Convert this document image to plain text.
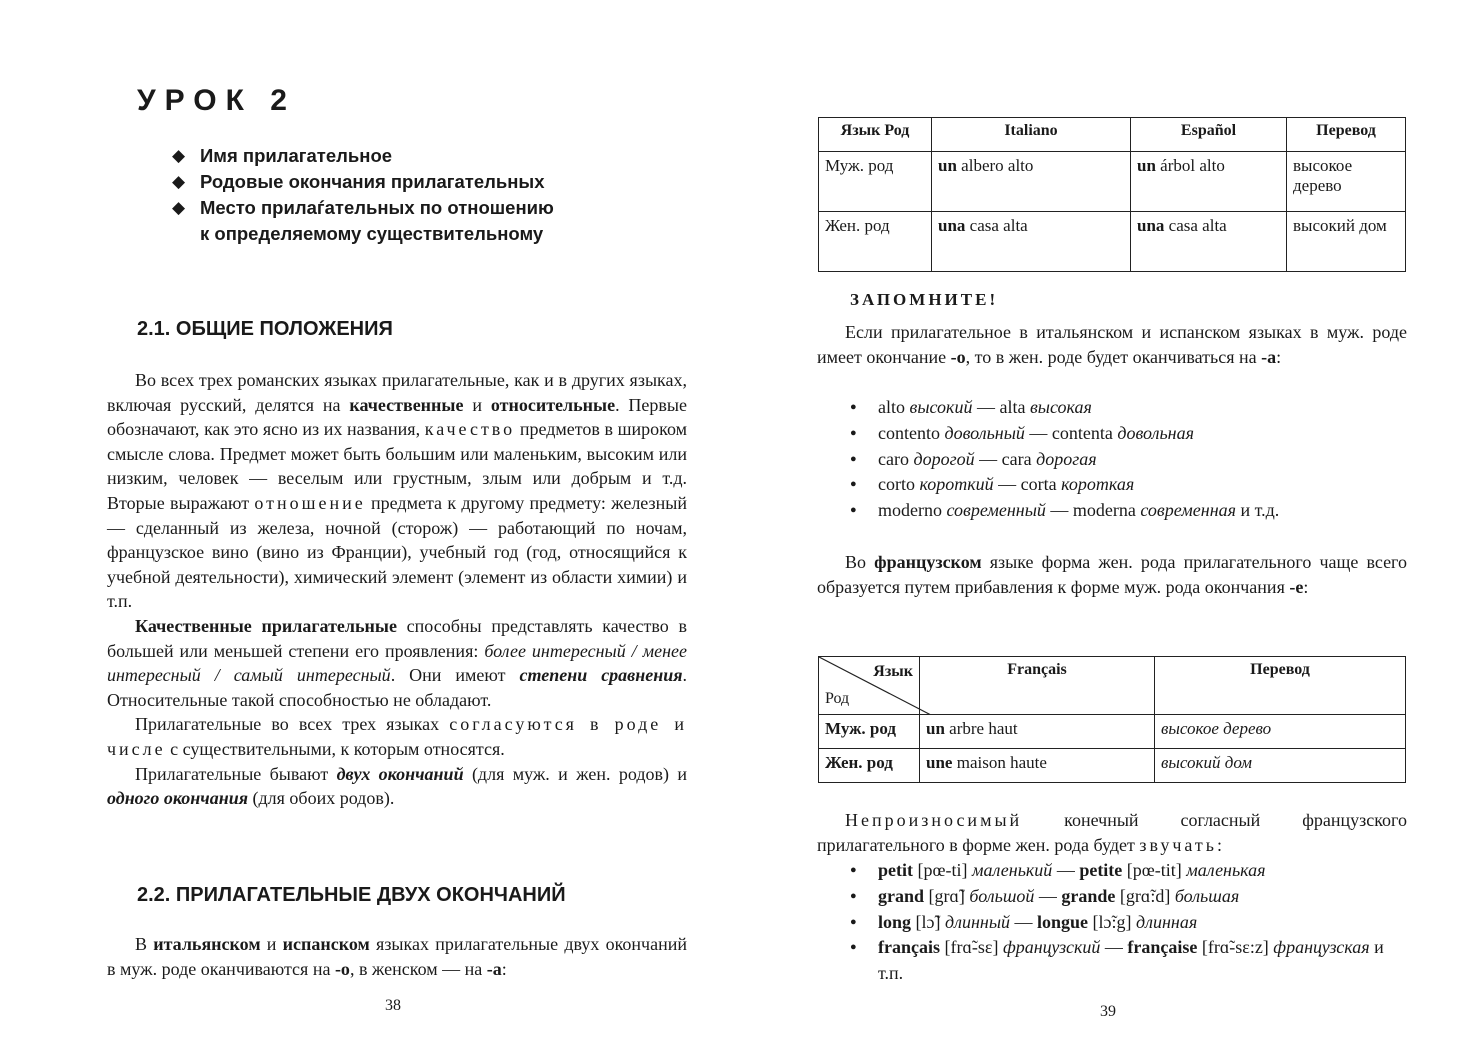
УРОК 2
◆ Имя прилагательное
◆ Родовые окончания прилагательных
◆ Место прилаѓательных по отношению
к определяемому существительному
2.1. ОБЩИЕ ПОЛОЖЕНИЯ

Во всех трех романских языках прилагательные, как и в других языках, включая русский, делятся на качественные и относительные. Первые обозначают, как это ясно из их названия, качество предметов в широком смысле слова. Предмет может быть большим или маленьким, высоким или низким, человек — веселым или грустным, злым или добрым и т.д. Вторые выражают отношение предмета к другому предмету: железный — сделанный из железа, ночной (сторож) — работающий по ночам, французское вино (вино из Франции), учебный год (год, относящийся к учебной деятельности), химический элемент (элемент из области химии) и т.п.

Качественные прилагательные способны представлять качество в большей или меньшей степени его проявления: более интересный / менее интересный / самый интересный. Они имеют степени сравнения. Относительные такой способностью не обладают.

Прилагательные во всех трех языках согласуются в роде и числе с существительными, к которым относятся.

Прилагательные бывают двух окончаний (для муж. и жен. родов) и одного окончания (для обоих родов).

2.2. ПРИЛАГАТЕЛЬНЫЕ ДВУХ ОКОНЧАНИЙ

В итальянском и испанском языках прилагательные двух окончаний в муж. роде оканчиваются на -о, в женском — на -а:

38
Язык Род	Italiano	Español	Перевод
Муж. род	un albero alto	un árbol alto	высокое дерево
Жен. род	una casa alta	una casa alta	высокий дом
ЗАПОМНИТЕ!

Если прилагательное в итальянском и испанском языках в муж. роде имеет окончание -о, то в жен. роде будет оканчиваться на -а:

● alto высокий — alta высокая
● contento довольный — contenta довольная
● caro дорогой — cara дорогая
● corto короткий — corta короткая
● moderno современный — moderna современная и т.д.

Во французском языке форма жен. рода прилагательного чаще всего образуется путем прибавления к форме муж. рода окончания -е:

Язык
Род	Français	Перевод
Муж. род	un arbre haut	высокое дерево
Жен. род	une maison haute	высокий дом

Непроизносимый конечный согласный французского прилагательного в форме жен. рода будет звучать:

● petit [pœ-ti] маленький — petite [pœ-tit] маленькая
● grand [grɑ̃] большой — grande [grɑ̃:d] большая
● long [lɔ̃] длинный — longue [lɔ̃:g] длинная
● français [frɑ̃-sɛ] французский — française [frɑ̃-sɛ:z] французская и т.п.
39
